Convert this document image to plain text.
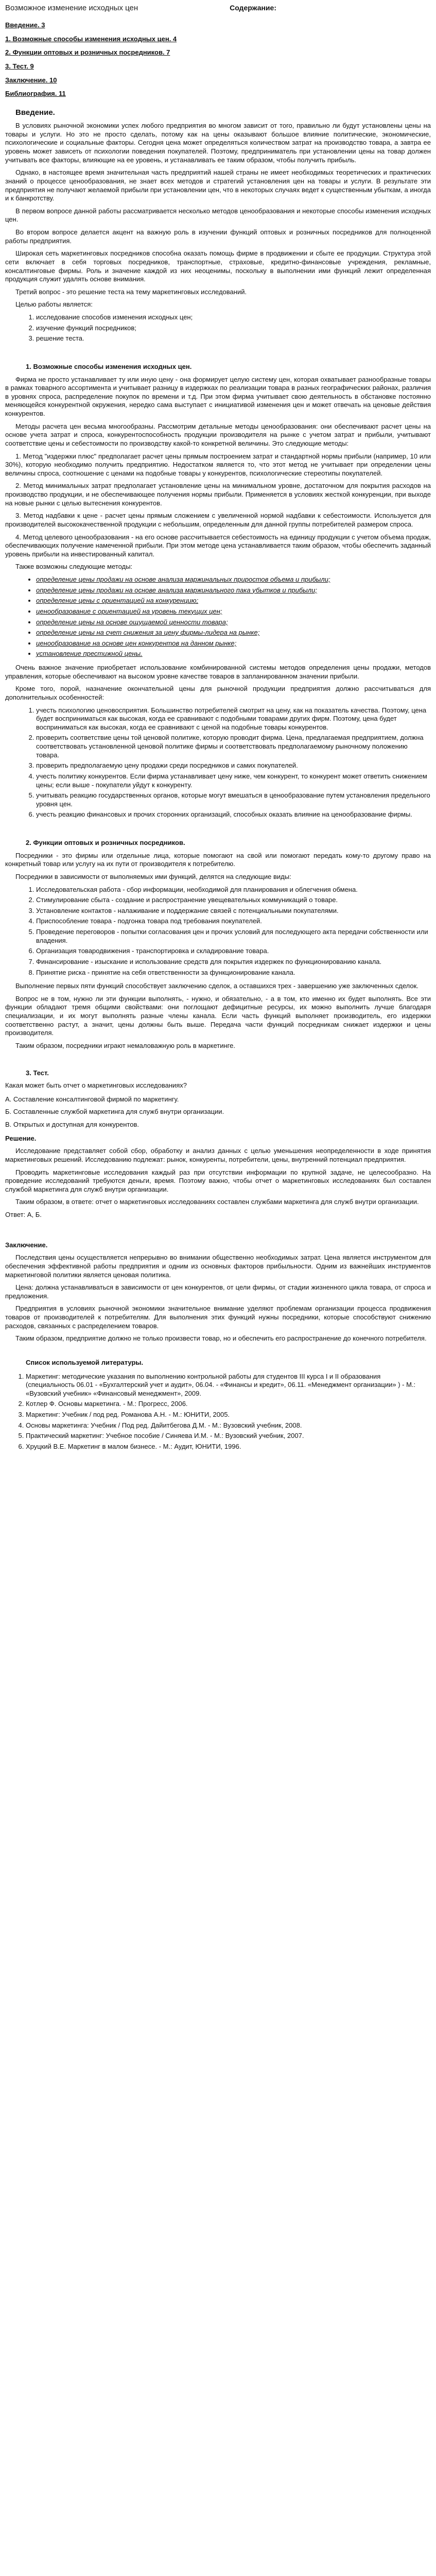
Возможное изменение исходных цен	Содержание:
Введение. 3
1. Возможные способы изменения исходных цен. 4
2. Функции оптовых и розничных посредников. 7
3. Тест. 9
Заключение. 10
Библиография. 11
Введение.

В условиях рыночной экономики успех любого предприятия во многом зависит от того, правильно ли будут установлены цены на товары и услуги. Но это не просто сделать, потому как на цены оказывают большое влияние политические, экономические, психологические и социальные факторы. Сегодня цена может определяться количеством затрат на производство товара, а завтра ее уровень может зависеть от психологии поведения покупателей. Поэтому, предприниматель при установлении цены на товар должен учитывать все факторы, влияющие на ее уровень, и устанавливать ее таким образом, чтобы получить прибыль.

Однако, в настоящее время значительная часть предприятий нашей страны не имеет необходимых теоретических и практических знаний о процессе ценообразования, не знает всех методов и стратегий установления цен на товары и услуги. В результате эти предприятия не получают желаемой прибыли при установлении цен, что в некоторых случаях ведет к существенным убыткам, а иногда и к банкротству.

В первом вопросе данной работы рассматривается несколько методов ценообразования и некоторые способы изменения исходных цен.

Во втором вопросе делается акцент на важную роль в изучении функций оптовых и розничных посредников для полноценной работы предприятия.

Широкая сеть маркетинговых посредников способна оказать помощь фирме в продвижении и сбыте ее продукции. Структура этой сети включает в себя торговых посредников, транспортные, страховые, кредитно-финансовые учреждения, рекламные, консалтинговые фирмы. Роль и значение каждой из них неоценимы, поскольку в выполнении ими функций лежит определенная продукция служит удалять основе внимания.

Третий вопрос - это решение теста на тему маркетинговых исследований.

Целью работы является:

1. исследование способов изменения исходных цен;
2. изучение функций посредников;
3. решение теста.
1. Возможные способы изменения исходных цен.

Фирма не просто устанавливает ту или иную цену - она формирует целую систему цен, которая охватывает разнообразные товары в рамках товарного ассортимента и учитывает разницу в издержках по реализации товара в разных географических районах, различия в уровнях спроса, распределение покупок по времени и т.д. При этом фирма учитывает свою деятельность в обстановке постоянно меняющейся конкурентной окружения, нередко сама выступает с инициативой изменения цен и может отвечать на ценовые действия конкурентов.

Методы расчета цен весьма многообразны. Рассмотрим детальные методы ценообразования: они обеспечивают расчет цены на основе учета затрат и спроса, конкурентоспособность продукции производителя на рынке с учетом затрат и прибыли, учитывают соответствие цены и себестоимости по производству какой-то конкретной величины. Это следующие методы:

1. Метод "издержки плюс" предполагает расчет цены прямым построением затрат и стандартной нормы прибыли (например, 10 или 30%), которую необходимо получить предприятию. Недостатком является то, что этот метод не учитывает при определении цены величины спроса, соотношение с ценами на подобные товары у конкурентов, психологические стереотипы покупателей.

2. Метод минимальных затрат предполагает установление цены на минимальном уровне, достаточном для покрытия расходов на производство продукции, и не обеспечивающее получения нормы прибыли. Применяется в условиях жесткой конкуренции, при выходе на новые рынки с целью вытеснения конкурентов.

3. Метод надбавки к цене - расчет цены прямым сложением с увеличенной нормой надбавки к себестоимости. Используется для производителей высококачественной продукции с небольшим, определенным для данной группы потребителей размером спроса.

4. Метод целевого ценообразования - на его основе рассчитывается себестоимость на единицу продукции с учетом объема продаж, обеспечивающих получение намеченной прибыли. При этом методе цена устанавливается таким образом, чтобы обеспечить заданный уровень прибыли на инвестированный капитал.

Также возможны следующие методы:

• определение цены продажи на основе анализа маржинальных приростов объема и прибыли;
• определение цены продажи на основе анализа маржинального пака убытков и прибыли;
• определение цены с ориентацией на конкуренцию;
• ценообразование с ориентацией на уровень текущих цен;
• определение цены на основе ощущаемой ценности товара;
• определение цены на счет снижения за цену фирмы-лидера на рынке;
• ценообразование на основе цен конкурентов на данном рынке;
• установление престижной цены.

Очень важное значение приобретает использование комбинированной системы методов определения цены продажи, методов управления, которые обеспечивают на высоком уровне качестве товаров в запланированном значении прибыли.

Кроме того, порой, назначение окончательной цены для рыночной продукции предприятия должно рассчитываться для дополнительных особенностей:

1. учесть психологию ценовосприятия. Большинство потребителей смотрит на цену, как на показатель качества. Поэтому, цена будет восприниматься как высокая, когда ее сравнивают с подобными товарами других фирм. Поэтому, цена будет восприниматься как высокая, когда ее сравнивают с ценой на подобные товары конкурентов.
2. проверить соответствие цены той ценовой политике, которую проводит фирма. Цена, предлагаемая предприятием, должна соответствовать установленной ценовой политике фирмы и соответствовать предполагаемому рыночному положению товара.
3. проверить предполагаемую цену продажи среди посредников и самих покупателей.
4. учесть политику конкурентов. Если фирма устанавливает цену ниже, чем конкурент, то конкурент может ответить снижением цены; если выше - покупатели уйдут к конкуренту.
5. учитывать реакцию государственных органов, которые могут вмешаться в ценообразование путем установления предельного уровня цен.
6. учесть реакцию финансовых и прочих сторонних организаций, способных оказать влияние на ценообразование фирмы.
2. Функции оптовых и розничных посредников.

Посредники - это фирмы или отдельные лица, которые помогают на свой или помогают передать кому-то другому право на конкретный товар или услугу на их пути от производителя к потребителю.

Посредники в зависимости от выполняемых ими функций, делятся на следующие виды:

1. Исследовательская работа - сбор информации, необходимой для планирования и облегчения обмена.
2. Стимулирование сбыта - создание и распространение увещевательных коммуникаций о товаре.
3. Установление контактов - налаживание и поддержание связей с потенциальными покупателями.
4. Приспособление товара - подгонка товара под требования покупателей.
5. Проведение переговоров - попытки согласования цен и прочих условий для последующего акта передачи собственности или владения.
6. Организация товародвижения - транспортировка и складирование товара.
7. Финансирование - изыскание и использование средств для покрытия издержек по функционированию канала.
8. Принятие риска - принятие на себя ответственности за функционирование канала.

Выполнение первых пяти функций способствует заключению сделок, а оставшихся трех - завершению уже заключенных сделок.

Вопрос не в том, нужно ли эти функции выполнять, - нужно, и обязательно, - а в том, кто именно их будет выполнять. Все эти функции обладают тремя общими свойствами: они поглощают дефицитные ресурсы, их можно выполнить лучше благодаря специализации, и их могут выполнять разные члены канала. Если часть функций выполняет производитель, его издержки соответственно растут, а значит, цены должны быть выше. Передача части функций посредникам снижает издержки и цены производителя.

Таким образом, посредники играют немаловажную роль в маркетинге.

3. Тест.

Какая может быть отчет о маркетинговых исследованиях?

А. Составление консалтинговой фирмой по маркетингу.

Б. Составленные службой маркетинга для служб внутри организации.

В. Открытых и доступная для конкурентов.

Решение.

Исследование представляет собой сбор, обработку и анализ данных с целью уменьшения неопределенности в ходе принятия маркетинговых решений. Исследованию подлежат: рынок, конкуренты, потребители, цены, внутренний потенциал предприятия.

Проводить маркетинговые исследования каждый раз при отсутствии информации по крупной задаче, не целесообразно. На проведение исследований требуются деньги, время. Поэтому важно, чтобы отчет о маркетинговых исследованиях был составлен службой маркетинга для служб внутри организации.

Таким образом, в ответе: отчет о маркетинговых исследованиях составлен службами маркетинга для служб внутри организации.

Ответ: А, Б.

Заключение.

Последствия цены осуществляется непрерывно во внимании общественно необходимых затрат. Цена является инструментом для обеспечения эффективной работы предприятия и одним из основных факторов прибыльности. Одним из важнейших инструментов маркетинговой политики является ценовая политика.

Цена: должна устанавливаться в зависимости от цен конкурентов, от цели фирмы, от стадии жизненного цикла товара, от спроса и предложения.

Предприятия в условиях рыночной экономики значительное внимание уделяют проблемам организации процесса продвижения товаров от производителей к потребителям. Для выполнения этих функций нужны посредники, которые способствуют снижению расходов, связанных с распределением товаров.

Таким образом, предприятие должно не только произвести товар, но и обеспечить его распространение до конечного потребителя.

Список используемой литературы.
1. Маркетинг: методические указания по выполнению контрольной работы для студентов III курса I и II образования (специальность 06.01 - «Бухгалтерский учет и аудит», 06.04. - «Финансы и кредит», 06.11. «Менеджмент организации» ) - М.: «Вузовский учебник» «Финансовый менеджмент», 2009.
2. Котлер Ф. Основы маркетинга. - М.: Прогресс, 2006.
3. Маркетинг: Учебник / под ред. Романова А.Н. - М.: ЮНИТИ, 2005.
4. Основы маркетинга: Учебник / Под ред. Дайитбегова Д.М. - М.: Вузовский учебник, 2008.
5. Практический маркетинг: Учебное пособие / Синяева И.М. - М.: Вузовский учебник, 2007.
6. Хруцкий В.Е. Маркетинг в малом бизнесе. - М.: Аудит, ЮНИТИ, 1996.
